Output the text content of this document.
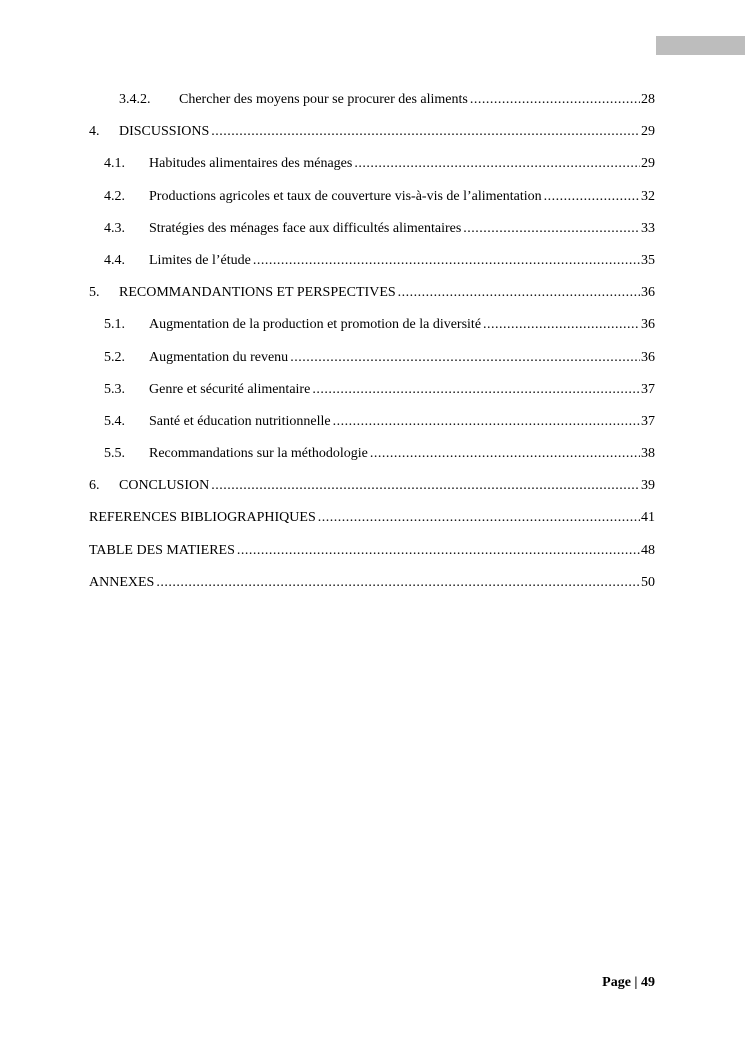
3.4.2.	Chercher des moyens pour se procurer des aliments .....	28
4.	DISCUSSIONS .....	29
4.1.	Habitudes alimentaires des ménages .....	29
4.2.	Productions agricoles et taux de couverture vis-à-vis de l’alimentation .....	32
4.3.	Stratégies des ménages face aux difficultés alimentaires .....	33
4.4.	Limites de l’étude .....	35
5.	RECOMMANDANTIONS ET PERSPECTIVES .....	36
5.1.	Augmentation de la production et promotion de la diversité .....	36
5.2.	Augmentation du revenu .....	36
5.3.	Genre et sécurité alimentaire .....	37
5.4.	Santé et éducation nutritionnelle .....	37
5.5.	Recommandations sur la méthodologie .....	38
6.	CONCLUSION .....	39
REFERENCES BIBLIOGRAPHIQUES .....	41
TABLE DES MATIERES .....	48
ANNEXES .....	50
Page | 49
